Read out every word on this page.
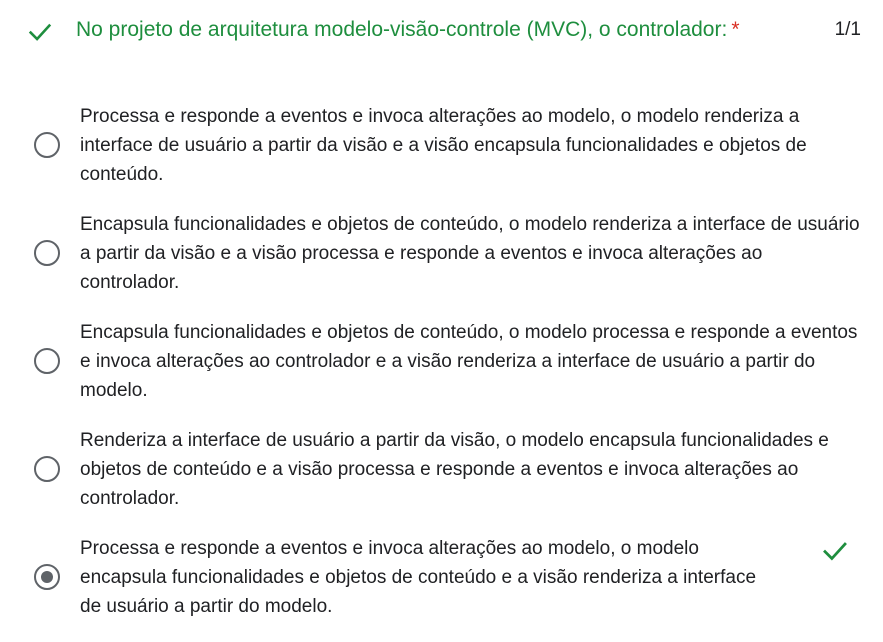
No projeto de arquitetura modelo-visão-controle (MVC), o controlador: *	1/1
Processa e responde a eventos e invoca alterações ao modelo, o modelo renderiza a interface de usuário a partir da visão e a visão encapsula funcionalidades e objetos de conteúdo.
Encapsula funcionalidades e objetos de conteúdo, o modelo renderiza a interface de usuário a partir da visão e a visão processa e responde a eventos e invoca alterações ao controlador.
Encapsula funcionalidades e objetos de conteúdo, o modelo processa e responde a eventos e invoca alterações ao controlador e a visão renderiza a interface de usuário a partir do modelo.
Renderiza a interface de usuário a partir da visão, o modelo encapsula funcionalidades e objetos de conteúdo e a visão processa e responde a eventos e invoca alterações ao controlador.
Processa e responde a eventos e invoca alterações ao modelo, o modelo encapsula funcionalidades e objetos de conteúdo e a visão renderiza a interface de usuário a partir do modelo.
